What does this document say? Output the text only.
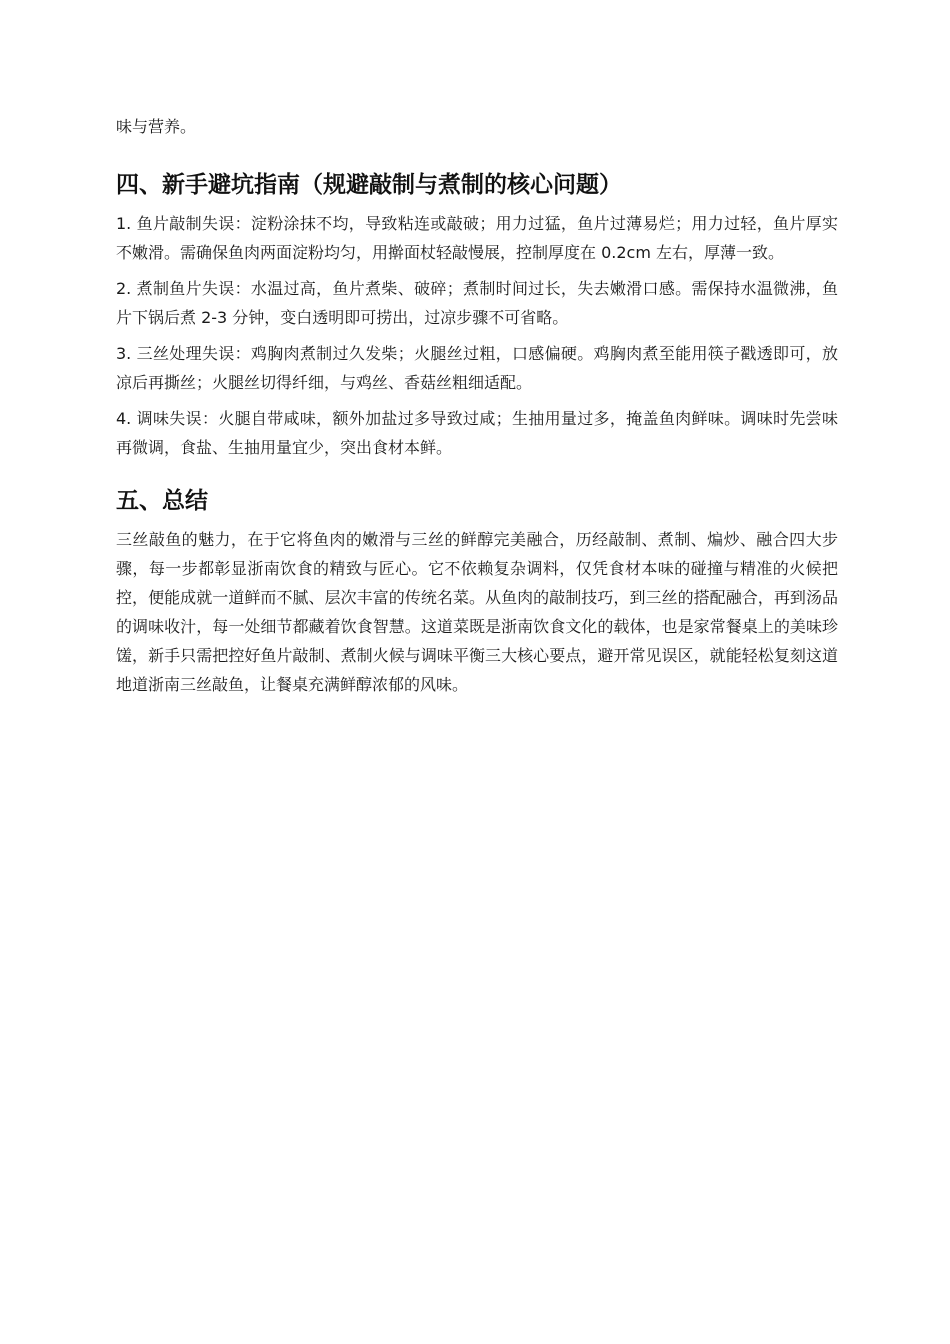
味与营养。

四、新手避坑指南（规避敲制与煮制的核心问题）

1. 鱼片敲制失误：淀粉涂抹不均，导致粘连或敲破；用力过猛，鱼片过薄易烂；用力过轻，鱼片厚实不嫩滑。需确保鱼肉两面淀粉均匀，用擀面杖轻敲慢展，控制厚度在 0.2cm 左右，厚薄一致。

2. 煮制鱼片失误：水温过高，鱼片煮柴、破碎；煮制时间过长，失去嫩滑口感。需保持水温微沸，鱼片下锅后煮 2-3 分钟，变白透明即可捞出，过凉步骤不可省略。

3. 三丝处理失误：鸡胸肉煮制过久发柴；火腿丝过粗，口感偏硬。鸡胸肉煮至能用筷子戳透即可，放凉后再撕丝；火腿丝切得纤细，与鸡丝、香菇丝粗细适配。

4. 调味失误：火腿自带咸味，额外加盐过多导致过咸；生抽用量过多，掩盖鱼肉鲜味。调味时先尝味再微调，食盐、生抽用量宜少，突出食材本鲜。

五、总结

三丝敲鱼的魅力，在于它将鱼肉的嫩滑与三丝的鲜醇完美融合，历经敲制、煮制、煸炒、融合四大步骤，每一步都彰显浙南饮食的精致与匠心。它不依赖复杂调料，仅凭食材本味的碰撞与精准的火候把控，便能成就一道鲜而不腻、层次丰富的传统名菜。从鱼肉的敲制技巧，到三丝的搭配融合，再到汤品的调味收汁，每一处细节都藏着饮食智慧。这道菜既是浙南饮食文化的载体，也是家常餐桌上的美味珍馐，新手只需把控好鱼片敲制、煮制火候与调味平衡三大核心要点，避开常见误区，就能轻松复刻这道地道浙南三丝敲鱼，让餐桌充满鲜醇浓郁的风味。
